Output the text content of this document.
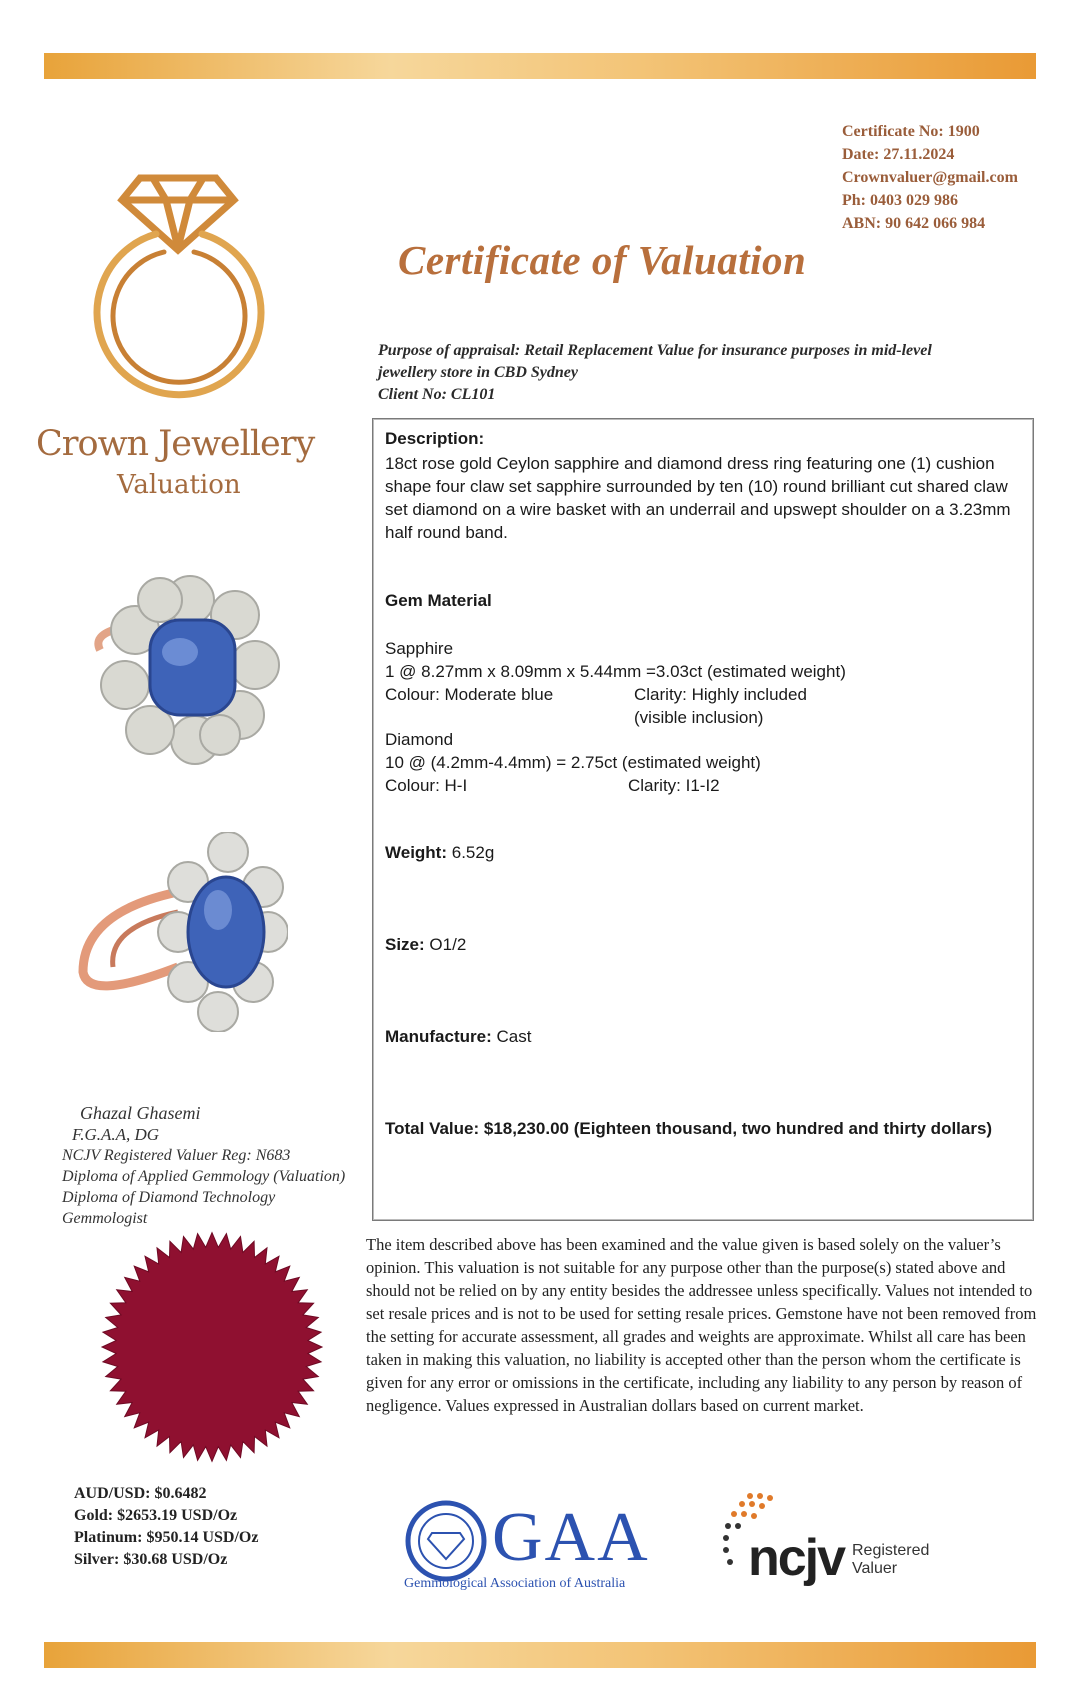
Certificate No: 1900
Date: 27.11.2024
Crownvaluer@gmail.com
Ph: 0403 029 986
ABN: 90 642 066 984
Certificate of Valuation
Purpose of appraisal: Retail Replacement Value for insurance purposes in mid-level
jewellery store in CBD Sydney
Client No: CL101
Crown Jewellery
Valuation
Ghazal Ghasemi
F.G.A.A, DG
NCJV Registered Valuer Reg: N683
Diploma of Applied Gemmology (Valuation)
Diploma of Diamond Technology
Gemmologist
Description:
18ct rose gold Ceylon sapphire and diamond dress ring featuring one (1) cushion shape four claw set sapphire surrounded by ten (10) round brilliant cut shared claw set diamond on a wire basket with an underrail and upswept shoulder on a 3.23mm half round band.
Gem Material
Sapphire
1 @ 8.27mm x 8.09mm x 5.44mm =3.03ct (estimated weight)
Colour: Moderate blue	Clarity: Highly included (visible inclusion)
Diamond
10 @ (4.2mm-4.4mm) = 2.75ct (estimated weight)
Colour: H-I	Clarity: I1-I2
Weight: 6.52g
Size: O1/2
Manufacture: Cast
Total Value: $18,230.00 (Eighteen thousand, two hundred and thirty dollars)
The item described above has been examined and the value given is based solely on the valuer’s opinion. This valuation is not suitable for any purpose other than the purpose(s) stated above and should not be relied on by any entity besides the addressee unless specifically. Values not intended to set resale prices and is not to be used for setting resale prices. Gemstone have not been removed from the setting for accurate assessment, all grades and weights are approximate. Whilst all care has been taken in making this valuation, no liability is accepted other than the person whom the certificate is given for any error or omissions in the certificate, including any liability to any person by reason of negligence. Values expressed in Australian dollars based on current market.
AUD/USD: $0.6482
Gold: $2653.19 USD/Oz
Platinum: $950.14 USD/Oz
Silver: $30.68 USD/Oz	GAA
Gemmological Association of Australia ncjv Registered
Valuer
